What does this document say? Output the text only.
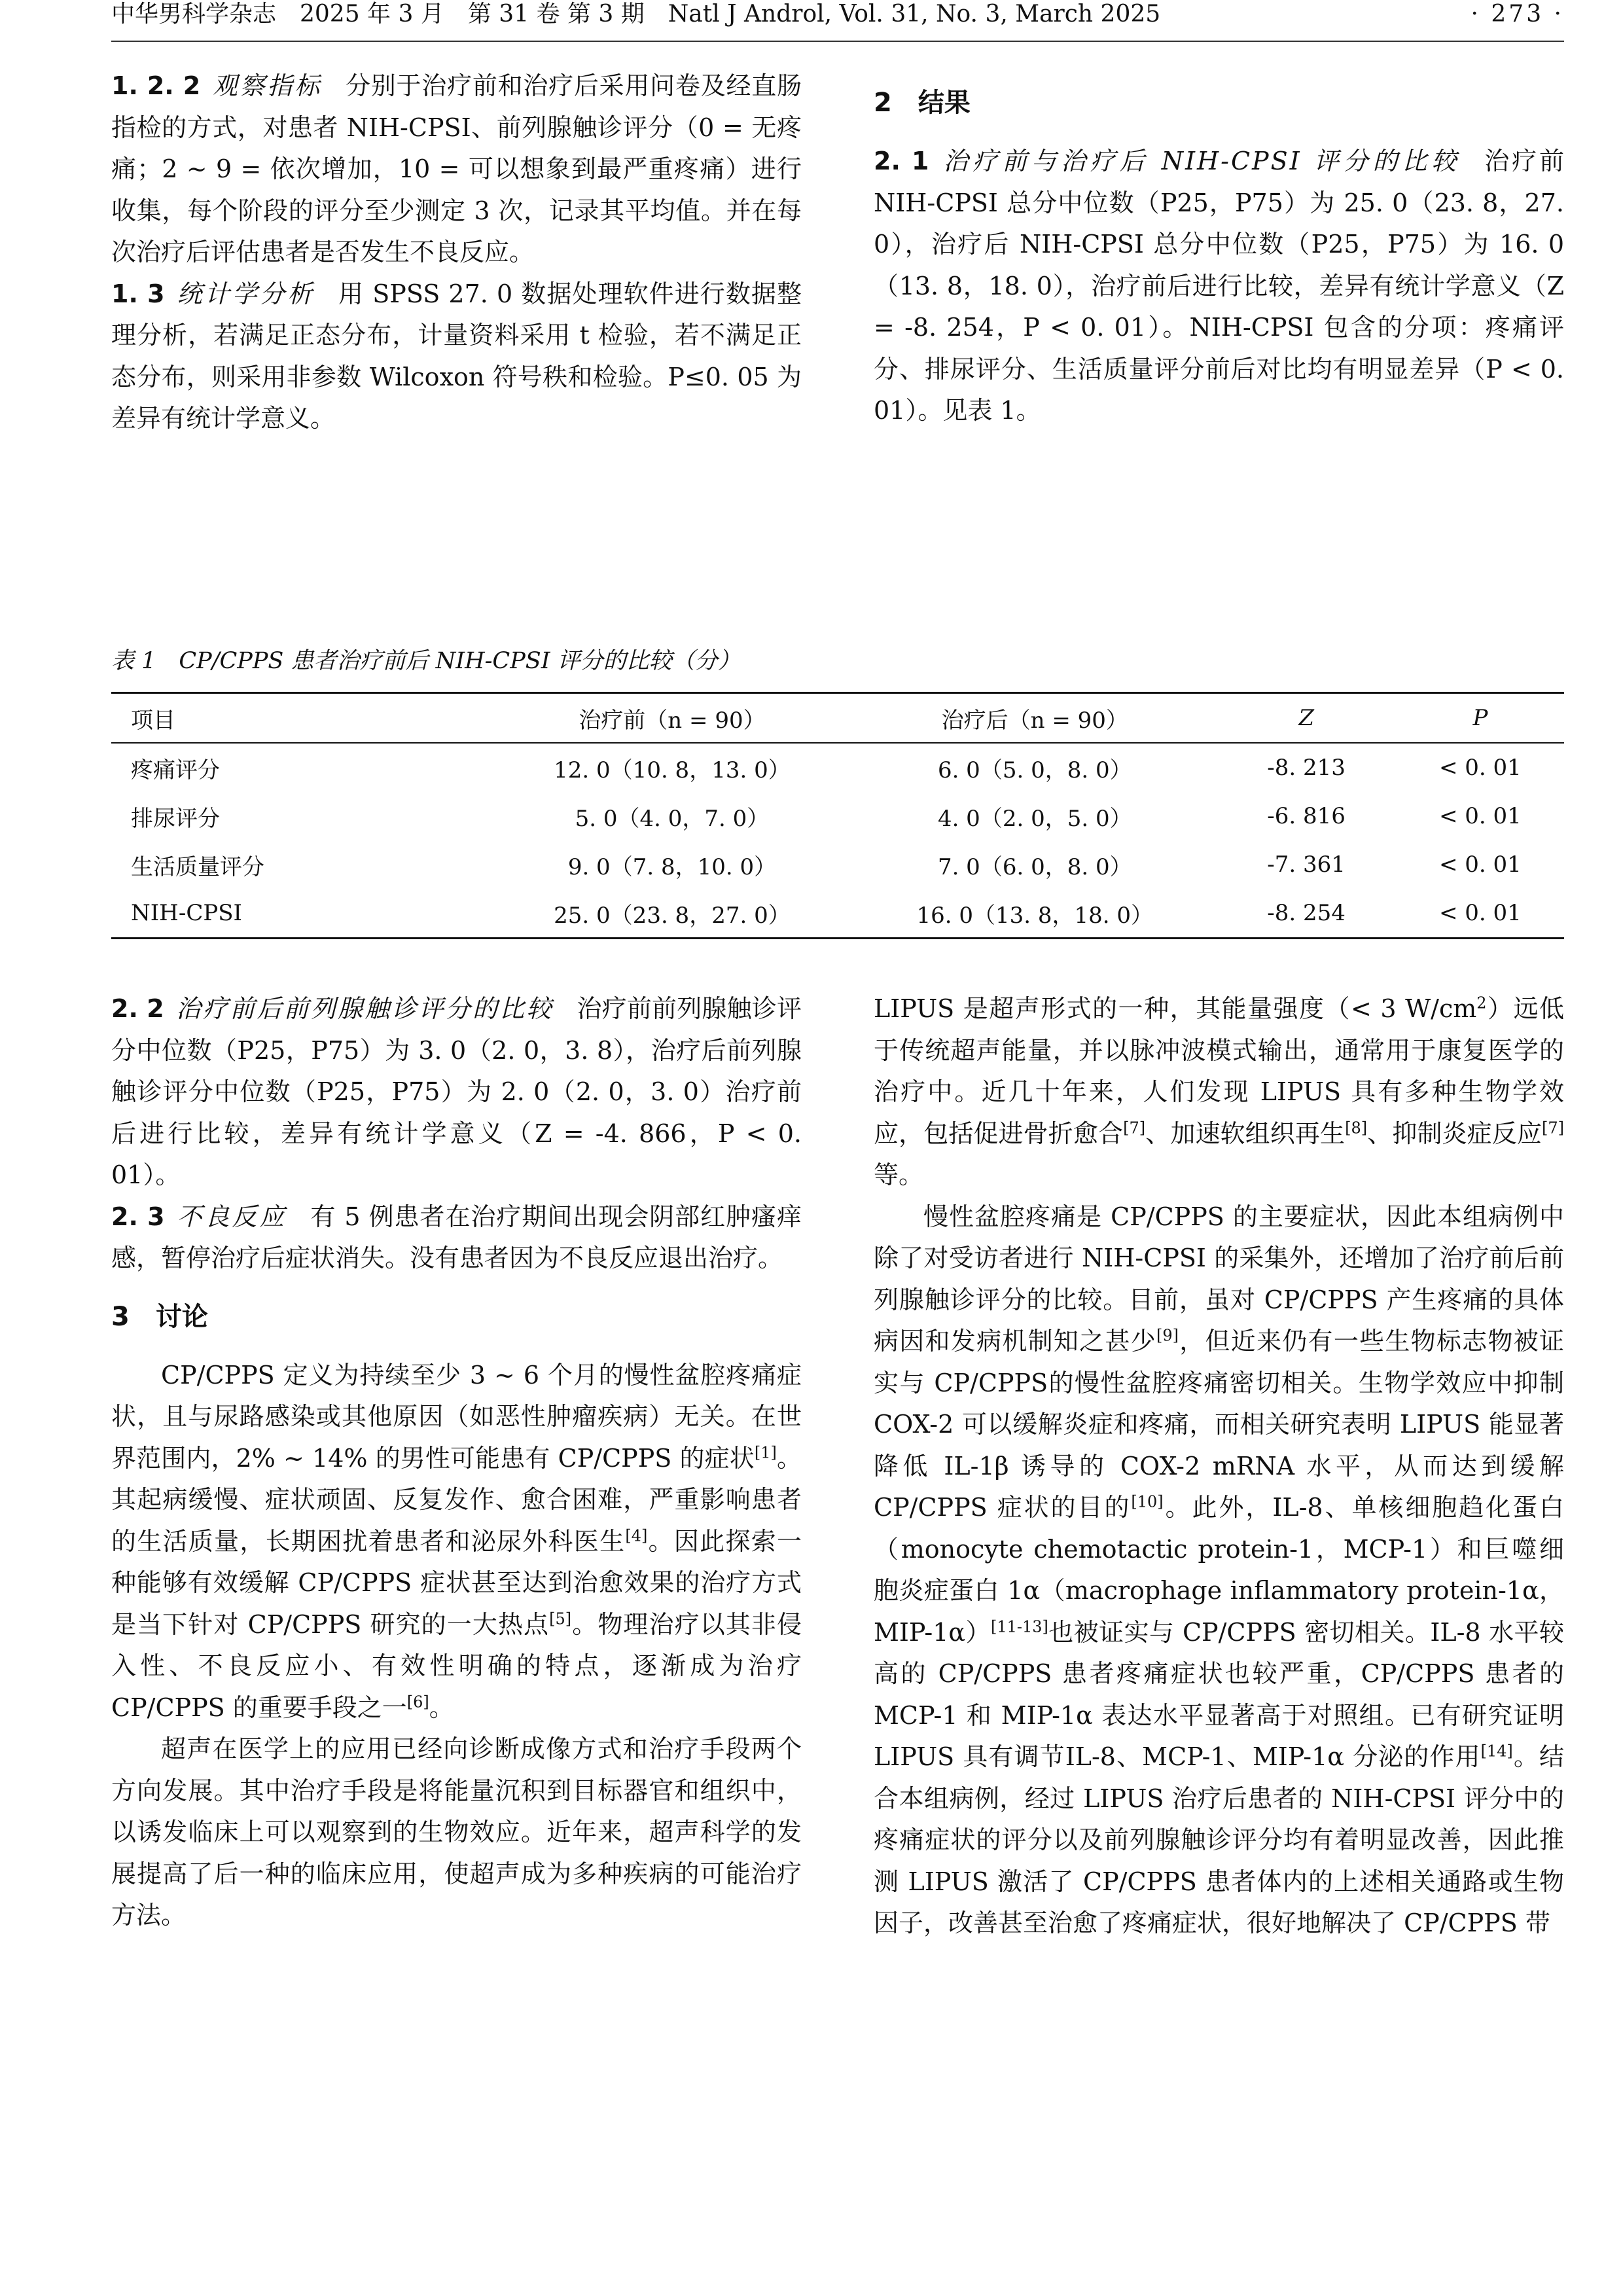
中华男科学杂志　2025 年 3 月　第 31 卷 第 3 期　Natl J Androl, Vol. 31, No. 3, March 2025	· 273 ·

1. 2. 2 观察指标 分别于治疗前和治疗后采用问卷及经直肠指检的方式，对患者 NIH-CPSI、前列腺触诊评分（0 = 无疼痛；2 ~ 9 = 依次增加，10 = 可以想象到最严重疼痛）进行收集，每个阶段的评分至少测定 3 次，记录其平均值。并在每次治疗后评估患者是否发生不良反应。

1. 3 统计学分析 用 SPSS 27. 0 数据处理软件进行数据整理分析，若满足正态分布，计量资料采用 t 检验，若不满足正态分布，则采用非参数 Wilcoxon 符号秩和检验。P≤0. 05 为差异有统计学意义。

2 结果

2. 1 治疗前与治疗后 NIH-CPSI 评分的比较 治疗前 NIH-CPSI 总分中位数（P25，P75）为 25. 0（23. 8，27. 0），治疗后 NIH-CPSI 总分中位数（P25，P75）为 16. 0（13. 8，18. 0），治疗前后进行比较，差异有统计学意义（Z = -8. 254，P < 0. 01）。NIH-CPSI 包含的分项：疼痛评分、排尿评分、生活质量评分前后对比均有明显差异（P < 0. 01）。见表 1。

表 1　CP/CPPS 患者治疗前后 NIH-CPSI 评分的比较（分）
项目	治疗前（n = 90）	治疗后（n = 90）	Z	P
疼痛评分	12. 0（10. 8，13. 0）	6. 0（5. 0，8. 0）	-8. 213	< 0. 01
排尿评分	5. 0（4. 0，7. 0）	4. 0（2. 0，5. 0）	-6. 816	< 0. 01
生活质量评分	9. 0（7. 8，10. 0）	7. 0（6. 0，8. 0）	-7. 361	< 0. 01
NIH-CPSI	25. 0（23. 8，27. 0）	16. 0（13. 8，18. 0）	-8. 254	< 0. 01

2. 2 治疗前后前列腺触诊评分的比较 治疗前前列腺触诊评分中位数（P25，P75）为 3. 0（2. 0，3. 8），治疗后前列腺触诊评分中位数（P25，P75）为 2. 0（2. 0，3. 0）治疗前后进行比较，差异有统计学意义（Z = -4. 866，P < 0. 01）。

2. 3 不良反应 有 5 例患者在治疗期间出现会阴部红肿瘙痒感，暂停治疗后症状消失。没有患者因为不良反应退出治疗。

3 讨论

CP/CPPS 定义为持续至少 3 ~ 6 个月的慢性盆腔疼痛症状，且与尿路感染或其他原因（如恶性肿瘤疾病）无关。在世界范围内，2% ~ 14% 的男性可能患有 CP/CPPS 的症状[1]。其起病缓慢、症状顽固、反复发作、愈合困难，严重影响患者的生活质量，长期困扰着患者和泌尿外科医生[4]。因此探索一种能够有效缓解 CP/CPPS 症状甚至达到治愈效果的治疗方式是当下针对 CP/CPPS 研究的一大热点[5]。物理治疗以其非侵入性、不良反应小、有效性明确的特点，逐渐成为治疗 CP/CPPS 的重要手段之一[6]。

超声在医学上的应用已经向诊断成像方式和治疗手段两个方向发展。其中治疗手段是将能量沉积到目标器官和组织中，以诱发临床上可以观察到的生物效应。近年来，超声科学的发展提高了后一种的临床应用，使超声成为多种疾病的可能治疗方法。

LIPUS 是超声形式的一种，其能量强度（< 3 $W/cm^2$）远低于传统超声能量，并以脉冲波模式输出，通常用于康复医学的治疗中。近几十年来，人们发现 LIPUS 具有多种生物学效应，包括促进骨折愈合[7]、加速软组织再生[8]、抑制炎症反应[7]等。

慢性盆腔疼痛是 CP/CPPS 的主要症状，因此本组病例中除了对受访者进行 NIH-CPSI 的采集外，还增加了治疗前后前列腺触诊评分的比较。目前，虽对 CP/CPPS 产生疼痛的具体病因和发病机制知之甚少[9]，但近来仍有一些生物标志物被证实与 CP/CPPS的慢性盆腔疼痛密切相关。生物学效应中抑制 COX-2 可以缓解炎症和疼痛，而相关研究表明 LIPUS 能显著降低 IL-1β 诱导的 COX-2 mRNA 水平，从而达到缓解 CP/CPPS 症状的目的[10]。此外，IL-8、单核细胞趋化蛋白（monocyte chemotactic protein-1，MCP-1）和巨噬细胞炎症蛋白 1α（macrophage inflammatory protein-1α，MIP-1α）[11-13]也被证实与 CP/CPPS 密切相关。IL-8 水平较高的 CP/CPPS 患者疼痛症状也较严重，CP/CPPS 患者的 MCP-1 和 MIP-1α 表达水平显著高于对照组。已有研究证明 LIPUS 具有调节IL-8、MCP-1、MIP-1α 分泌的作用[14]。结合本组病例，经过 LIPUS 治疗后患者的 NIH-CPSI 评分中的疼痛症状的评分以及前列腺触诊评分均有着明显改善，因此推测 LIPUS 激活了 CP/CPPS 患者体内的上述相关通路或生物因子，改善甚至治愈了疼痛症状，很好地解决了 CP/CPPS 带
